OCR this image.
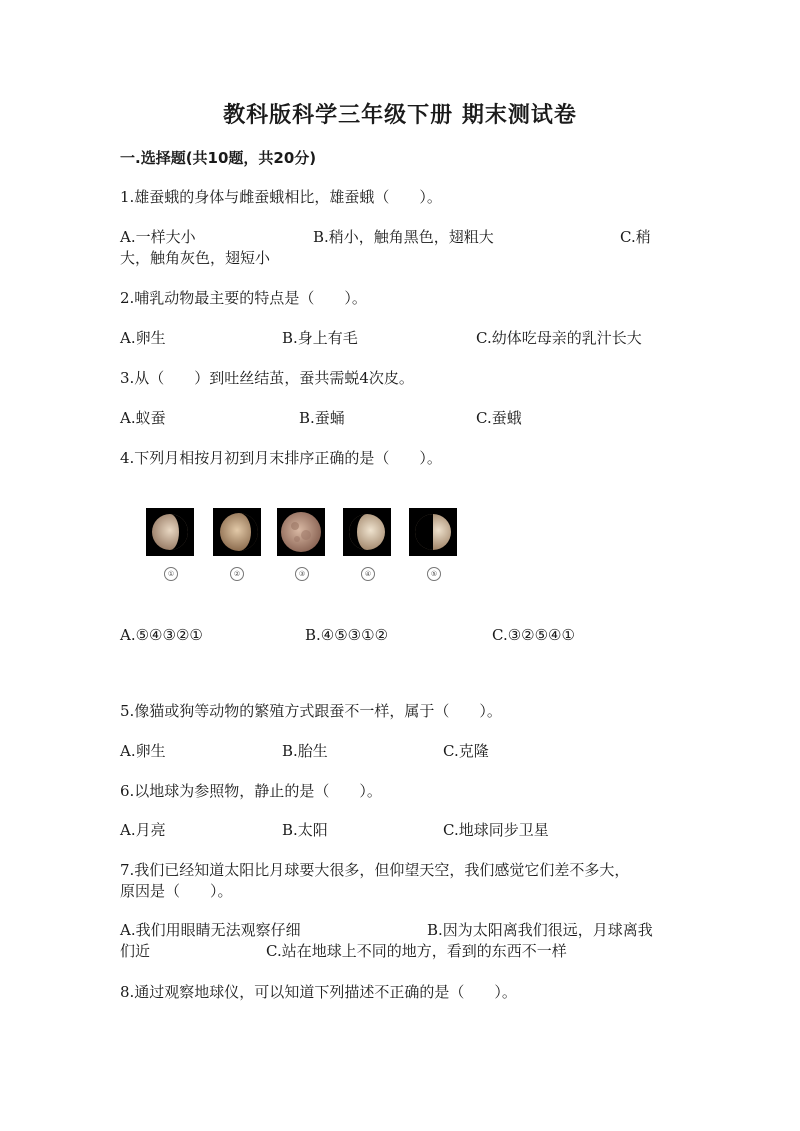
教科版科学三年级下册 期末测试卷
一.选择题(共10题，共20分)
1.雄蚕蛾的身体与雌蚕蛾相比，雄蚕蛾（　　）。
A.一样大小	B.稍小，触角黑色，翅粗大	C.稍
大，触角灰色，翅短小
2.哺乳动物最主要的特点是（　　）。
A.卵生	B.身上有毛	C.幼体吃母亲的乳汁长大
3.从（　　）到吐丝结茧，蚕共需蜕4次皮。
A.蚁蚕	B.蚕蛹	C.蚕蛾
4.下列月相按月初到月末排序正确的是（　　）。
①	②	③	④	⑤
A.⑤④③②①	B.④⑤③①②	C.③②⑤④①
5.像猫或狗等动物的繁殖方式跟蚕不一样，属于（　　）。
A.卵生	B.胎生	C.克隆
6.以地球为参照物，静止的是（　　）。
A.月亮	B.太阳	C.地球同步卫星
7.我们已经知道太阳比月球要大很多，但仰望天空，我们感觉它们差不多大，
原因是（　　）。
A.我们用眼睛无法观察仔细	B.因为太阳离我们很远，月球离我
们近	C.站在地球上不同的地方，看到的东西不一样
8.通过观察地球仪，可以知道下列描述不正确的是（　　）。
